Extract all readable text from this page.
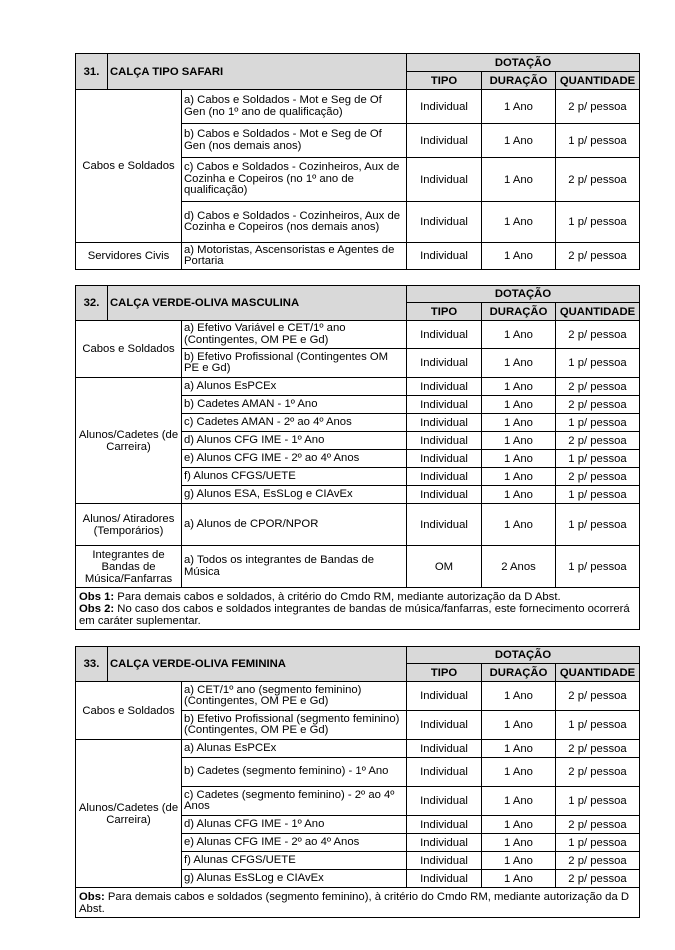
31.	CALÇA TIPO SAFARI		DOTAÇÃO		
			TIPO	DURAÇÃO	QUANTIDADE
Cabos e Soldados		a) Cabos e Soldados - Mot e Seg de Of Gen (no 1º ano de qualificação)	Individual	1 Ano	2 p/ pessoa
		b) Cabos e Soldados - Mot e Seg de Of Gen (nos demais anos)	Individual	1 Ano	1 p/ pessoa
		c) Cabos e Soldados - Cozinheiros, Aux de Cozinha e Copeiros (no 1º ano de qualificação)	Individual	1 Ano	2 p/ pessoa
		d) Cabos e Soldados - Cozinheiros, Aux de Cozinha e Copeiros (nos demais anos)	Individual	1 Ano	1 p/ pessoa
Servidores Civis		a) Motoristas, Ascensoristas e Agentes de Portaria	Individual	1 Ano	2 p/ pessoa
32.	CALÇA VERDE-OLIVA MASCULINA		DOTAÇÃO		
			TIPO	DURAÇÃO	QUANTIDADE
Cabos e Soldados		a) Efetivo Variável e CET/1º ano (Contingentes, OM PE e Gd)	Individual	1 Ano	2 p/ pessoa
		b) Efetivo Profissional (Contingentes OM PE e Gd)	Individual	1 Ano	1 p/ pessoa
Alunos/Cadetes (de Carreira)		a) Alunos EsPCEx	Individual	1 Ano	2 p/ pessoa
		b) Cadetes AMAN - 1º Ano	Individual	1 Ano	2 p/ pessoa
		c) Cadetes AMAN - 2º ao 4º Anos	Individual	1 Ano	1 p/ pessoa
		d) Alunos CFG IME - 1º Ano	Individual	1 Ano	2 p/ pessoa
		e) Alunos CFG IME - 2º ao 4º Anos	Individual	1 Ano	1 p/ pessoa
		f) Alunos CFGS/UETE	Individual	1 Ano	2 p/ pessoa
		g) Alunos ESA, EsSLog e CIAvEx	Individual	1 Ano	1 p/ pessoa
Alunos/ Atiradores (Temporários)		a) Alunos de CPOR/NPOR	Individual	1 Ano	1 p/ pessoa
Integrantes de Bandas de Música/Fanfarras		a) Todos os integrantes de Bandas de Música	OM	2 Anos	1 p/ pessoa

Obs 1: Para demais cabos e soldados, à critério do Cmdo RM, mediante autorização da D Abst.
Obs 2: No caso dos cabos e soldados integrantes de bandas de música/fanfarras, este fornecimento ocorrerá em caráter suplementar.					
33.	CALÇA VERDE-OLIVA FEMININA		DOTAÇÃO		
			TIPO	DURAÇÃO	QUANTIDADE
Cabos e Soldados		a) CET/1º ano (segmento feminino) (Contingentes, OM PE e Gd)	Individual	1 Ano	2 p/ pessoa
		b) Efetivo Profissional (segmento feminino) (Contingentes, OM PE e Gd)	Individual	1 Ano	1 p/ pessoa
Alunos/Cadetes (de Carreira)		a) Alunas EsPCEx	Individual	1 Ano	2 p/ pessoa
		b) Cadetes (segmento feminino) - 1º Ano	Individual	1 Ano	2 p/ pessoa
		c) Cadetes (segmento feminino) - 2º ao 4º Anos	Individual	1 Ano	1 p/ pessoa
		d) Alunas CFG IME - 1º Ano	Individual	1 Ano	2 p/ pessoa
		e) Alunas CFG IME - 2º ao 4º Anos	Individual	1 Ano	1 p/ pessoa
		f) Alunas CFGS/UETE	Individual	1 Ano	2 p/ pessoa
		g) Alunas EsSLog e CIAvEx	Individual	1 Ano	2 p/ pessoa
Obs: Para demais cabos e soldados (segmento feminino), à critério do Cmdo RM, mediante autorização da D Abst.					
